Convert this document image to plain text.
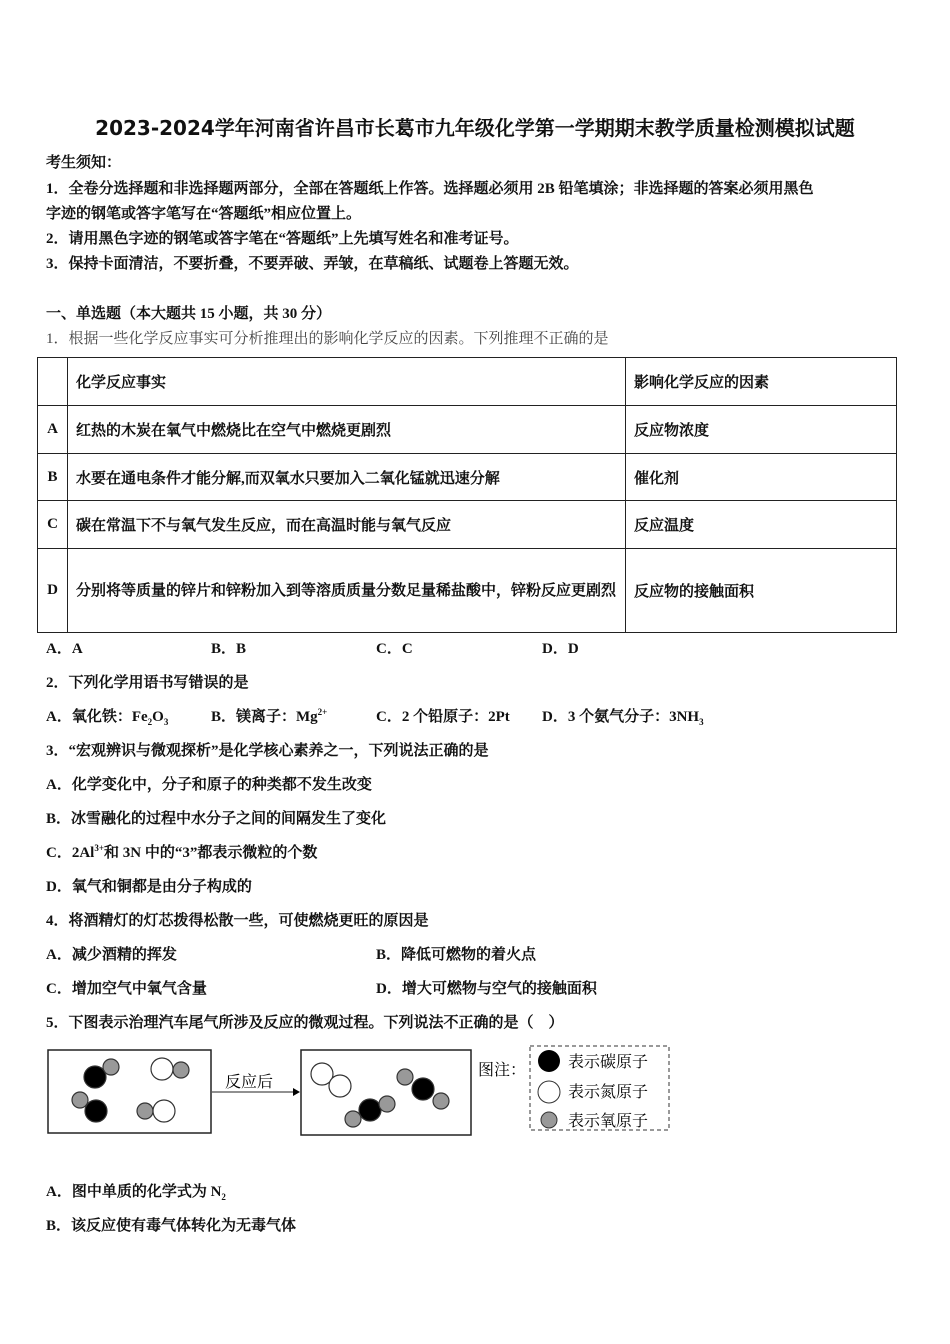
2023-2024学年河南省许昌市长葛市九年级化学第一学期期末教学质量检测模拟试题
考生须知：
1．全卷分选择题和非选择题两部分，全部在答题纸上作答。选择题必须用 2B 铅笔填涂；非选择题的答案必须用黑色
字迹的钢笔或答字笔写在“答题纸”相应位置上。
2．请用黑色字迹的钢笔或答字笔在“答题纸”上先填写姓名和准考证号。
3．保持卡面清洁，不要折叠，不要弄破、弄皱，在草稿纸、试题卷上答题无效。
一、单选题（本大题共 15 小题，共 30 分）
1．根据一些化学反应事实可分析推理出的影响化学反应的因素。下列推理不正确的是
	化学反应事实	影响化学反应的因素
A	红热的木炭在氧气中燃烧比在空气中燃烧更剧烈	反应物浓度
B	水要在通电条件才能分解,而双氧水只要加入二氧化锰就迅速分解	催化剂
C	碳在常温下不与氧气发生反应，而在高温时能与氧气反应	反应温度
D	分别将等质量的锌片和锌粉加入到等溶质质量分数足量稀盐酸中，锌粉反应更剧烈	反应物的接触面积
A．A	B．B	C．C	D．D
2．下列化学用语书写错误的是
A．氧化铁：$Fe_2O_3$	B．镁离子：$Mg^{2+}$	C．2 个铅原子：2Pt D．3 个氨气分子：$3NH_3$
3．“宏观辨识与微观探析”是化学核心素养之一，下列说法正确的是
A．化学变化中，分子和原子的种类都不发生改变
B．冰雪融化的过程中水分子之间的间隔发生了变化
C．$2Al^{3+}$和 3N 中的“3”都表示微粒的个数
D．氧气和铜都是由分子构成的
4．将酒精灯的灯芯拨得松散一些，可使燃烧更旺的原因是
A．减少酒精的挥发	B．降低可燃物的着火点
C．增加空气中氧气含量	D．增大可燃物与空气的接触面积
5．下图表示治理汽车尾气所涉及反应的微观过程。下列说法不正确的是（　）
反应后
图注：	表示碳原子
表示氮原子
表示氧原子
A．图中单质的化学式为 $N_2$
B．该反应使有毒气体转化为无毒气体
